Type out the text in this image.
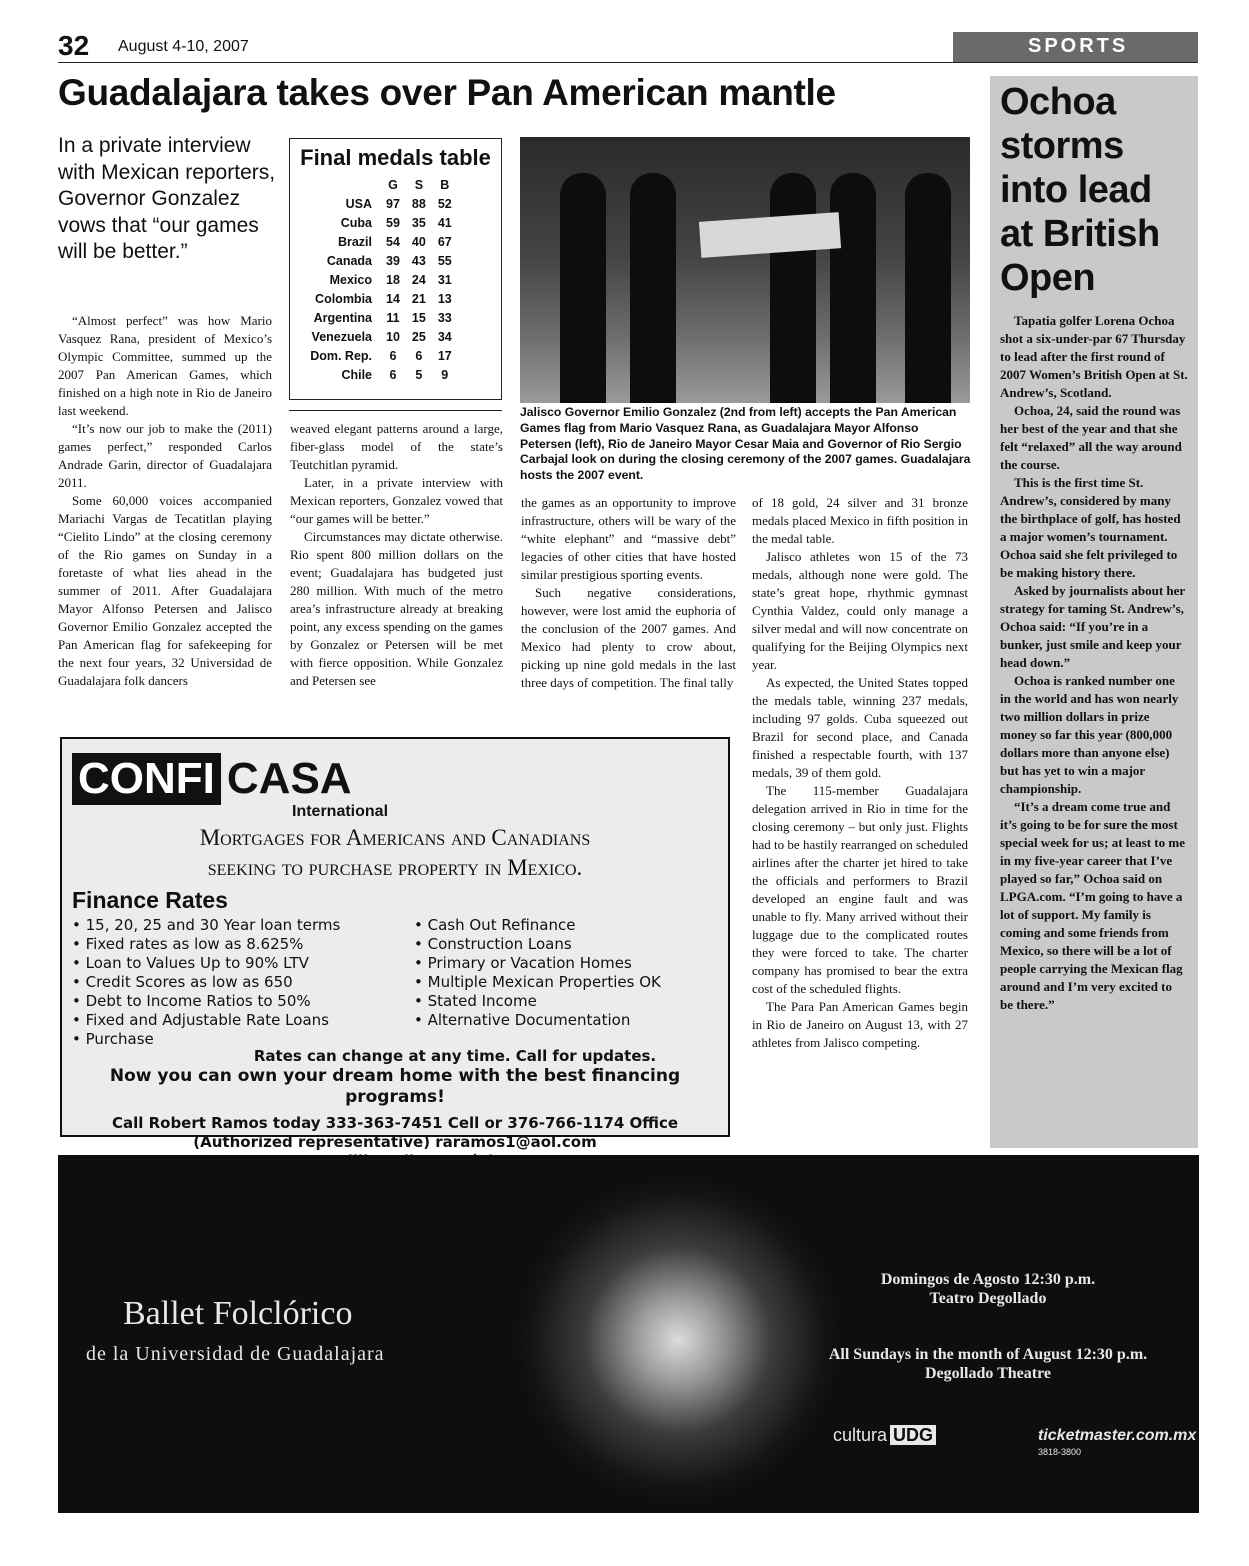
32 August 4-10, 2007	SPORTS
Guadalajara takes over Pan American mantle
In a private interview with Mexican reporters, Governor Gonzalez vows that “our games will be better.”

“Almost perfect” was how Mario Vasquez Rana, president of Mexico’s Olympic Committee, summed up the 2007 Pan American Games, which finished on a high note in Rio de Janeiro last weekend.

“It’s now our job to make the (2011) games perfect,” responded Carlos Andrade Garin, director of Guadalajara 2011.

Some 60,000 voices accompanied Mariachi Vargas de Tecatitlan playing “Cielito Lindo” at the closing ceremony of the Rio games on Sunday in a foretaste of what lies ahead in the summer of 2011. After Guadalajara Mayor Alfonso Petersen and Jalisco Governor Emilio Gonzalez accepted the Pan American flag for safekeeping for the next four years, 32 Universidad de Guadalajara folk dancers

Final medals table
	G	S	B
USA	97	88	52
Cuba	59	35	41
Brazil	54	40	67
Canada	39	43	55
Mexico	18	24	31
Colombia	14	21	13
Argentina	11	15	33
Venezuela	10	25	34
Dom. Rep.	6	6	17
Chile	6	5	9

weaved elegant patterns around a large, fiber-glass model of the state’s Teutchitlan pyramid.

Later, in a private interview with Mexican reporters, Gonzalez vowed that “our games will be better.”

Circumstances may dictate otherwise. Rio spent 800 million dollars on the event; Guadalajara has budgeted just 280 million. With much of the metro area’s infrastructure already at breaking point, any excess spending on the games by Gonzalez or Petersen will be met with fierce opposition. While Gonzalez and Petersen see

Jalisco Governor Emilio Gonzalez (2nd from left) accepts the Pan American Games flag from Mario Vasquez Rana, as Guadalajara Mayor Alfonso Petersen (left), Rio de Janeiro Mayor Cesar Maia and Governor of Rio Sergio Carbajal look on during the closing ceremony of the 2007 games. Guadalajara hosts the 2007 event.

the games as an opportunity to improve infrastructure, others will be wary of the “white elephant” and “massive debt” legacies of other cities that have hosted similar prestigious sporting events.

Such negative considerations, however, were lost amid the euphoria of the conclusion of the 2007 games. And Mexico had plenty to crow about, picking up nine gold medals in the last three days of competition. The final tally

of 18 gold, 24 silver and 31 bronze medals placed Mexico in fifth position in the medal table.

Jalisco athletes won 15 of the 73 medals, although none were gold. The state’s great hope, rhythmic gymnast Cynthia Valdez, could only manage a silver medal and will now concentrate on qualifying for the Beijing Olympics next year.

As expected, the United States topped the medals table, winning 237 medals, including 97 golds. Cuba squeezed out Brazil for second place, and Canada finished a respectable fourth, with 137 medals, 39 of them gold.

The 115-member Guadalajara delegation arrived in Rio in time for the closing ceremony – but only just. Flights had to be hastily rearranged on scheduled airlines after the charter jet hired to take the officials and performers to Brazil developed an engine fault and was unable to fly. Many arrived without their luggage due to the complicated routes they were forced to take. The charter company has promised to bear the extra cost of the scheduled flights.

The Para Pan American Games begin in Rio de Janeiro on August 13, with 27 athletes from Jalisco competing.

Ochoa storms into lead at British Open

Tapatia golfer Lorena Ochoa shot a six-under-par 67 Thursday to lead after the first round of 2007 Women’s British Open at St. Andrew’s, Scotland.

Ochoa, 24, said the round was her best of the year and that she felt “relaxed” all the way around the course.

This is the first time St. Andrew’s, considered by many the birthplace of golf, has hosted a major women’s tournament. Ochoa said she felt privileged to be making history there.

Asked by journalists about her strategy for taming St. Andrew’s, Ochoa said: “If you’re in a bunker, just smile and keep your head down.”

Ochoa is ranked number one in the world and has won nearly two million dollars in prize money so far this year (800,000 dollars more than anyone else) but has yet to win a major championship.

“It’s a dream come true and it’s going to be for sure the most special week for us; at least to me in my five-year career that I’ve played so far,” Ochoa said on LPGA.com. “I’m going to have a lot of support. My family is coming and some friends from Mexico, so there will be a lot of people carrying the Mexican flag around and I’m very excited to be there.”

CONFI CASA
International
Mortgages for Americans and Canadians
seeking to purchase property in Mexico.
Finance Rates
• 15, 20, 25 and 30 Year loan terms
• Fixed rates as low as 8.625%
• Loan to Values Up to 90% LTV
• Credit Scores as low as 650
• Debt to Income Ratios to 50%
• Fixed and Adjustable Rate Loans
• Purchase
• Cash Out Refinance
• Construction Loans
• Primary or Vacation Homes
• Multiple Mexican Properties OK
• Stated Income
• Alternative Documentation
Rates can change at any time. Call for updates.
Now you can own your dream home with the best financing programs!
Call Robert Ramos today 333-363-7451 Cell or 376-766-1174 Office
(Authorized representative) raramos1@aol.com
Ballet Folclórico
de la Universidad de Guadalajara
Domingos de Agosto 12:30 p.m.
Teatro Degollado
All Sundays in the month of August 12:30 p.m.
Degollado Theatre
cultura UDG	ticketmaster.com.mx
3818-3800
